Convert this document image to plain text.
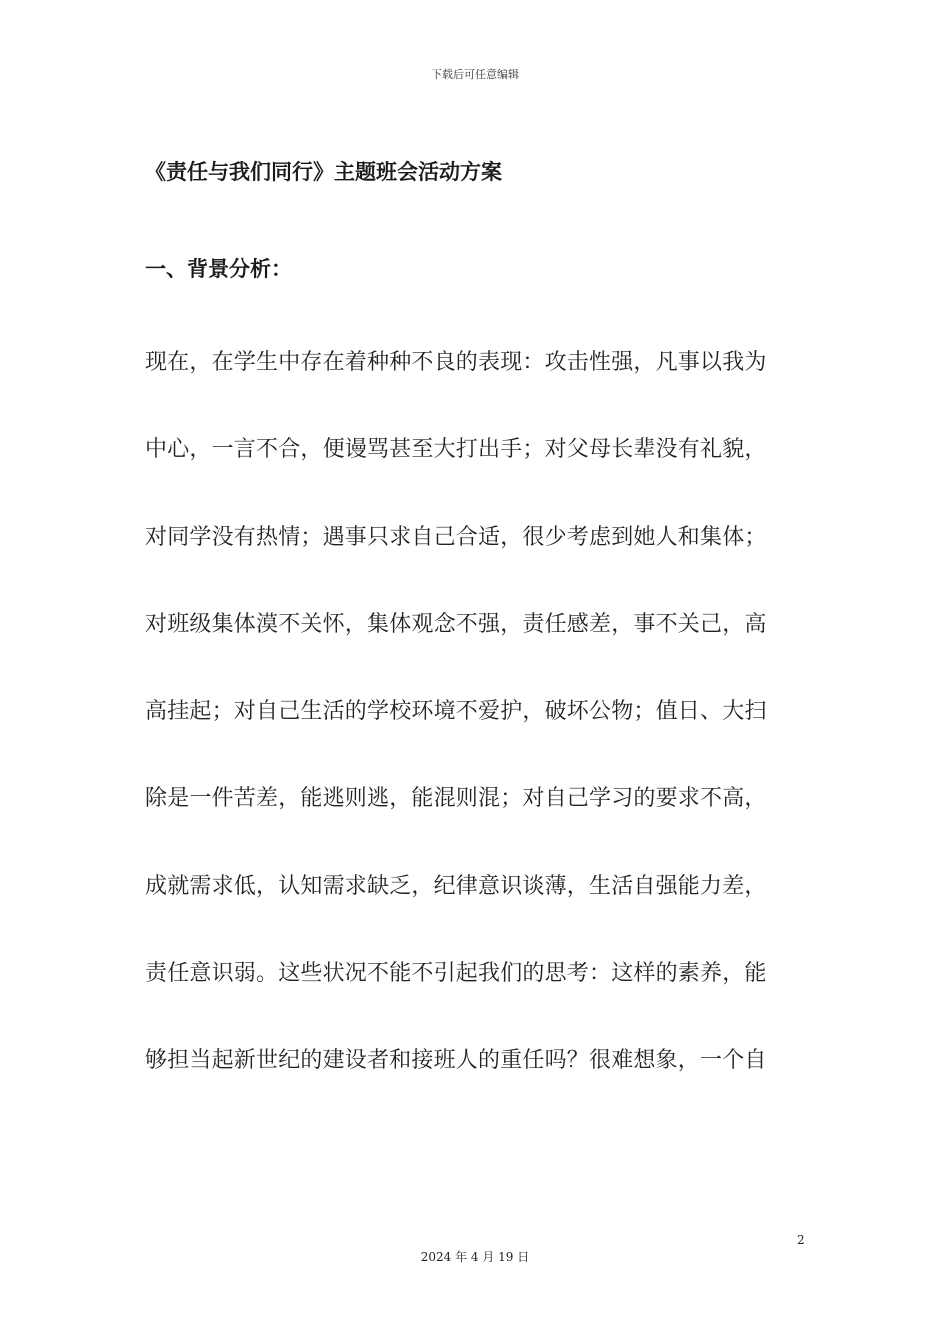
下载后可任意编辑
《责任与我们同行》主题班会活动方案
一、背景分析：
现在，在学生中存在着种种不良的表现：攻击性强，凡事以我为
中心，一言不合，便谩骂甚至大打出手；对父母长辈没有礼貌，
对同学没有热情；遇事只求自己合适，很少考虑到她人和集体；
对班级集体漠不关怀，集体观念不强，责任感差，事不关己，高
高挂起；对自己生活的学校环境不爱护，破坏公物；值日、大扫
除是一件苦差，能逃则逃，能混则混；对自己学习的要求不高，
成就需求低，认知需求缺乏，纪律意识谈薄，生活自强能力差，
责任意识弱。这些状况不能不引起我们的思考：这样的素养，能
够担当起新世纪的建设者和接班人的重任吗？很难想象，一个自
2
2024 年 4 月 19 日
